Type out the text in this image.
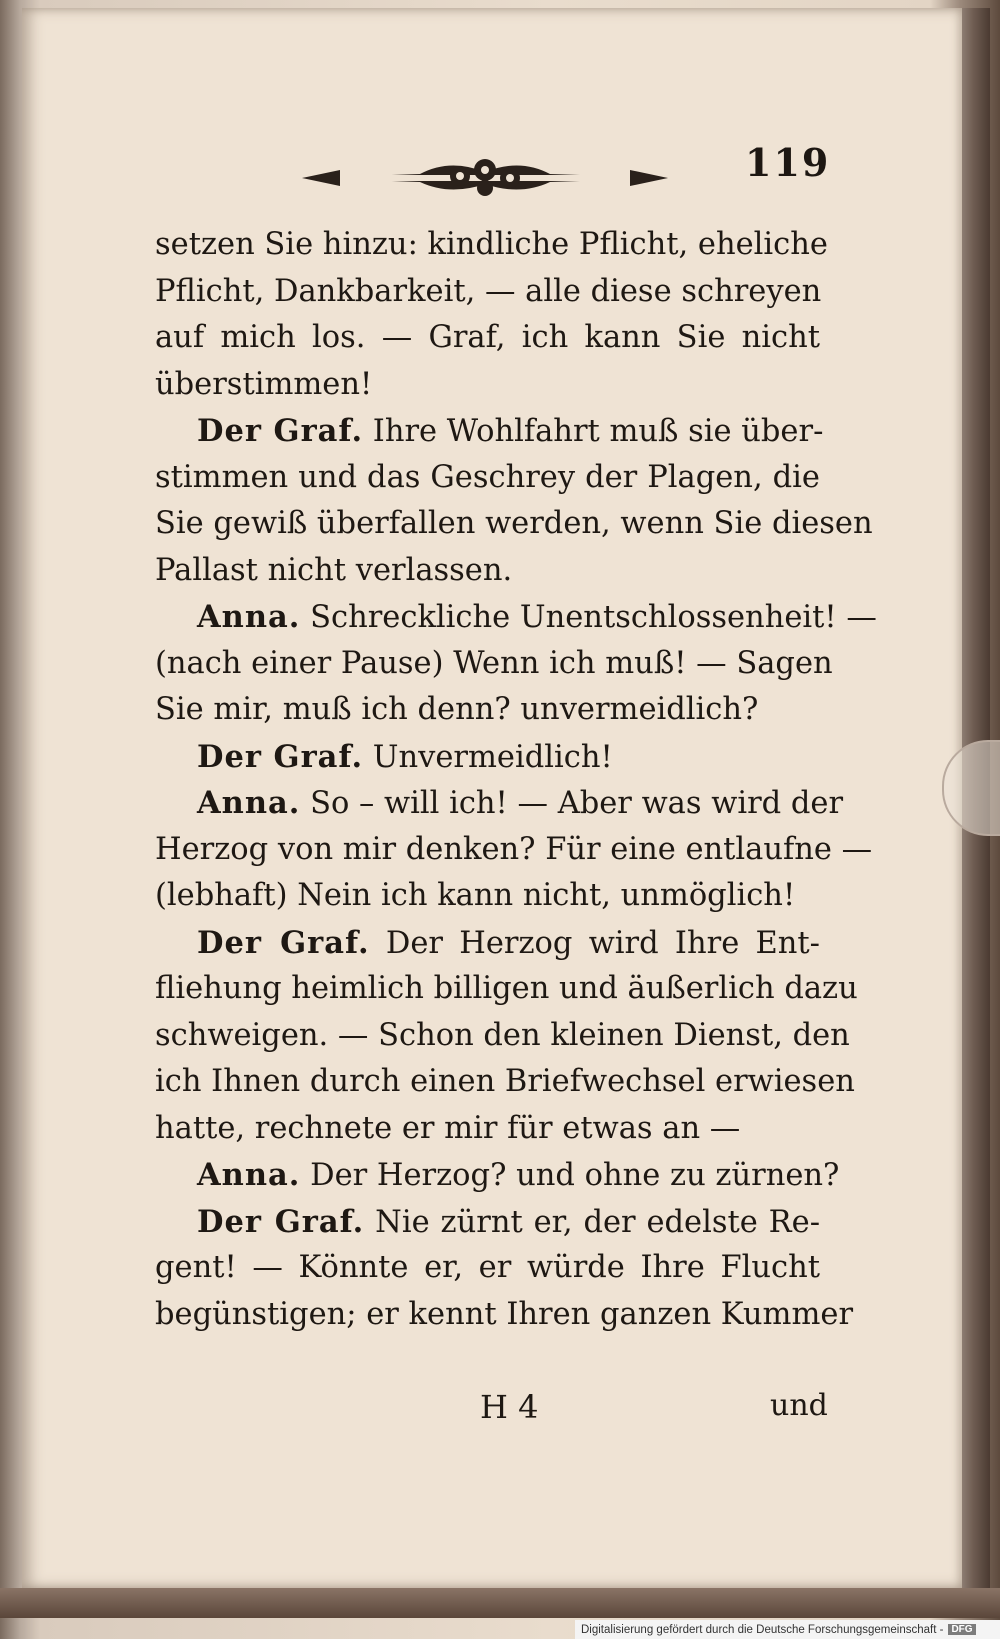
119
setzen Sie hinzu: kindliche Pflicht, eheliche
Pflicht, Dankbarkeit, — alle diese schreyen
auf mich los. — Graf, ich kann Sie nicht
überstimmen!
Der Graf. Ihre Wohlfahrt muß sie über-
stimmen und das Geschrey der Plagen, die
Sie gewiß überfallen werden, wenn Sie diesen
Pallast nicht verlassen.
Anna. Schreckliche Unentschlossenheit! —
(nach einer Pause) Wenn ich muß! — Sagen
Sie mir, muß ich denn? unvermeidlich?
Der Graf. Unvermeidlich!
Anna. So – will ich! — Aber was wird der
Herzog von mir denken? Für eine entlaufne —
(lebhaft) Nein ich kann nicht, unmöglich!
Der Graf. Der Herzog wird Ihre Ent-
fliehung heimlich billigen und äußerlich dazu
schweigen. — Schon den kleinen Dienst, den
ich Ihnen durch einen Briefwechsel erwiesen
hatte, rechnete er mir für etwas an —
Anna. Der Herzog? und ohne zu zürnen?
Der Graf. Nie zürnt er, der edelste Re-
gent! — Könnte er, er würde Ihre Flucht
begünstigen; er kennt Ihren ganzen Kummer
H 4	und
Digitalisierung gefördert durch die Deutsche Forschungsgemeinschaft - DFG
